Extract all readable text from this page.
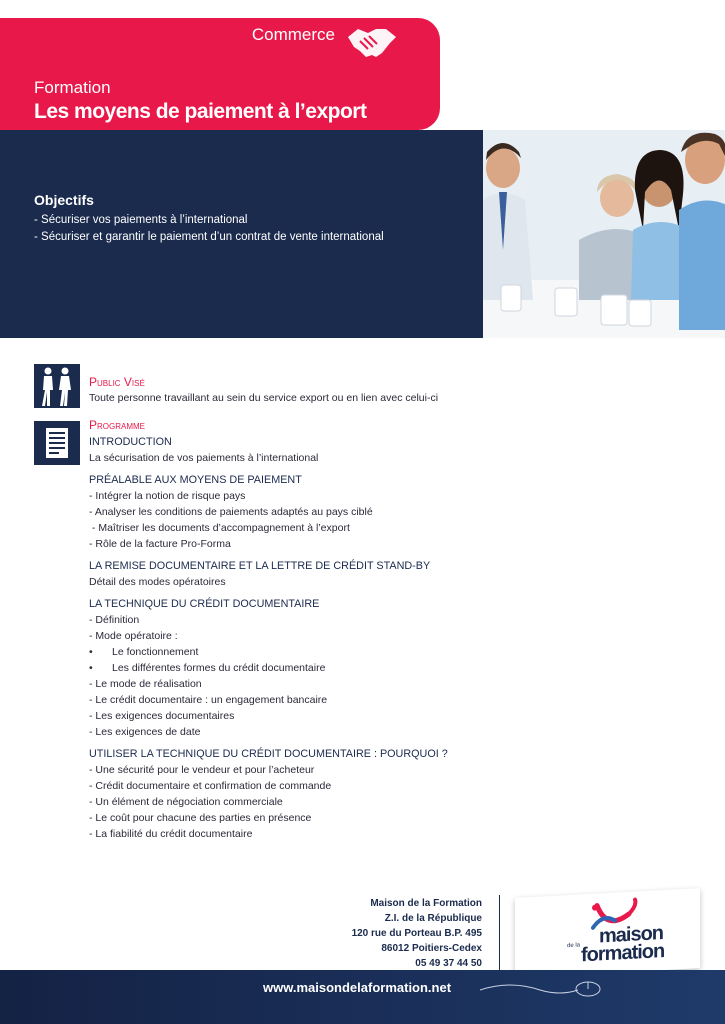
Commerce
Formation
Les moyens de paiement à l’export
Objectifs
- Sécuriser vos paiements à l’international
- Sécuriser et garantir le paiement d’un contrat de vente international
Public Visé
Toute personne travaillant au sein du service export ou en lien avec celui-ci
Programme
INTRODUCTION
La sécurisation de vos paiements à l’international
PRÉALABLE AUX MOYENS DE PAIEMENT
- Intégrer la notion de risque pays
- Analyser les conditions de paiements adaptés au pays ciblé
- Maîtriser les documents d’accompagnement à l’export
- Rôle de la facture Pro-Forma
LA REMISE DOCUMENTAIRE ET LA LETTRE DE CRÉDIT STAND-BY
Détail des modes opératoires
LA TECHNIQUE DU CRÉDIT DOCUMENTAIRE
- Définition
- Mode opératoire :
• Le fonctionnement
• Les différentes formes du crédit documentaire
- Le mode de réalisation
- Le crédit documentaire : un engagement bancaire
- Les exigences documentaires
- Les exigences de date
UTILISER LA TECHNIQUE DU CRÉDIT DOCUMENTAIRE : POURQUOI ?
- Une sécurité pour le vendeur et pour l’acheteur
- Crédit documentaire et confirmation de commande
- Un élément de négociation commerciale
- Le coût pour chacune des parties en présence
- La fiabilité du crédit documentaire
Maison de la Formation
Z.I. de la République
120 rue du Porteau B.P. 495
86012 Poitiers-Cedex
05 49 37 44 50
de la maison
formation
www.maisondelaformation.net
